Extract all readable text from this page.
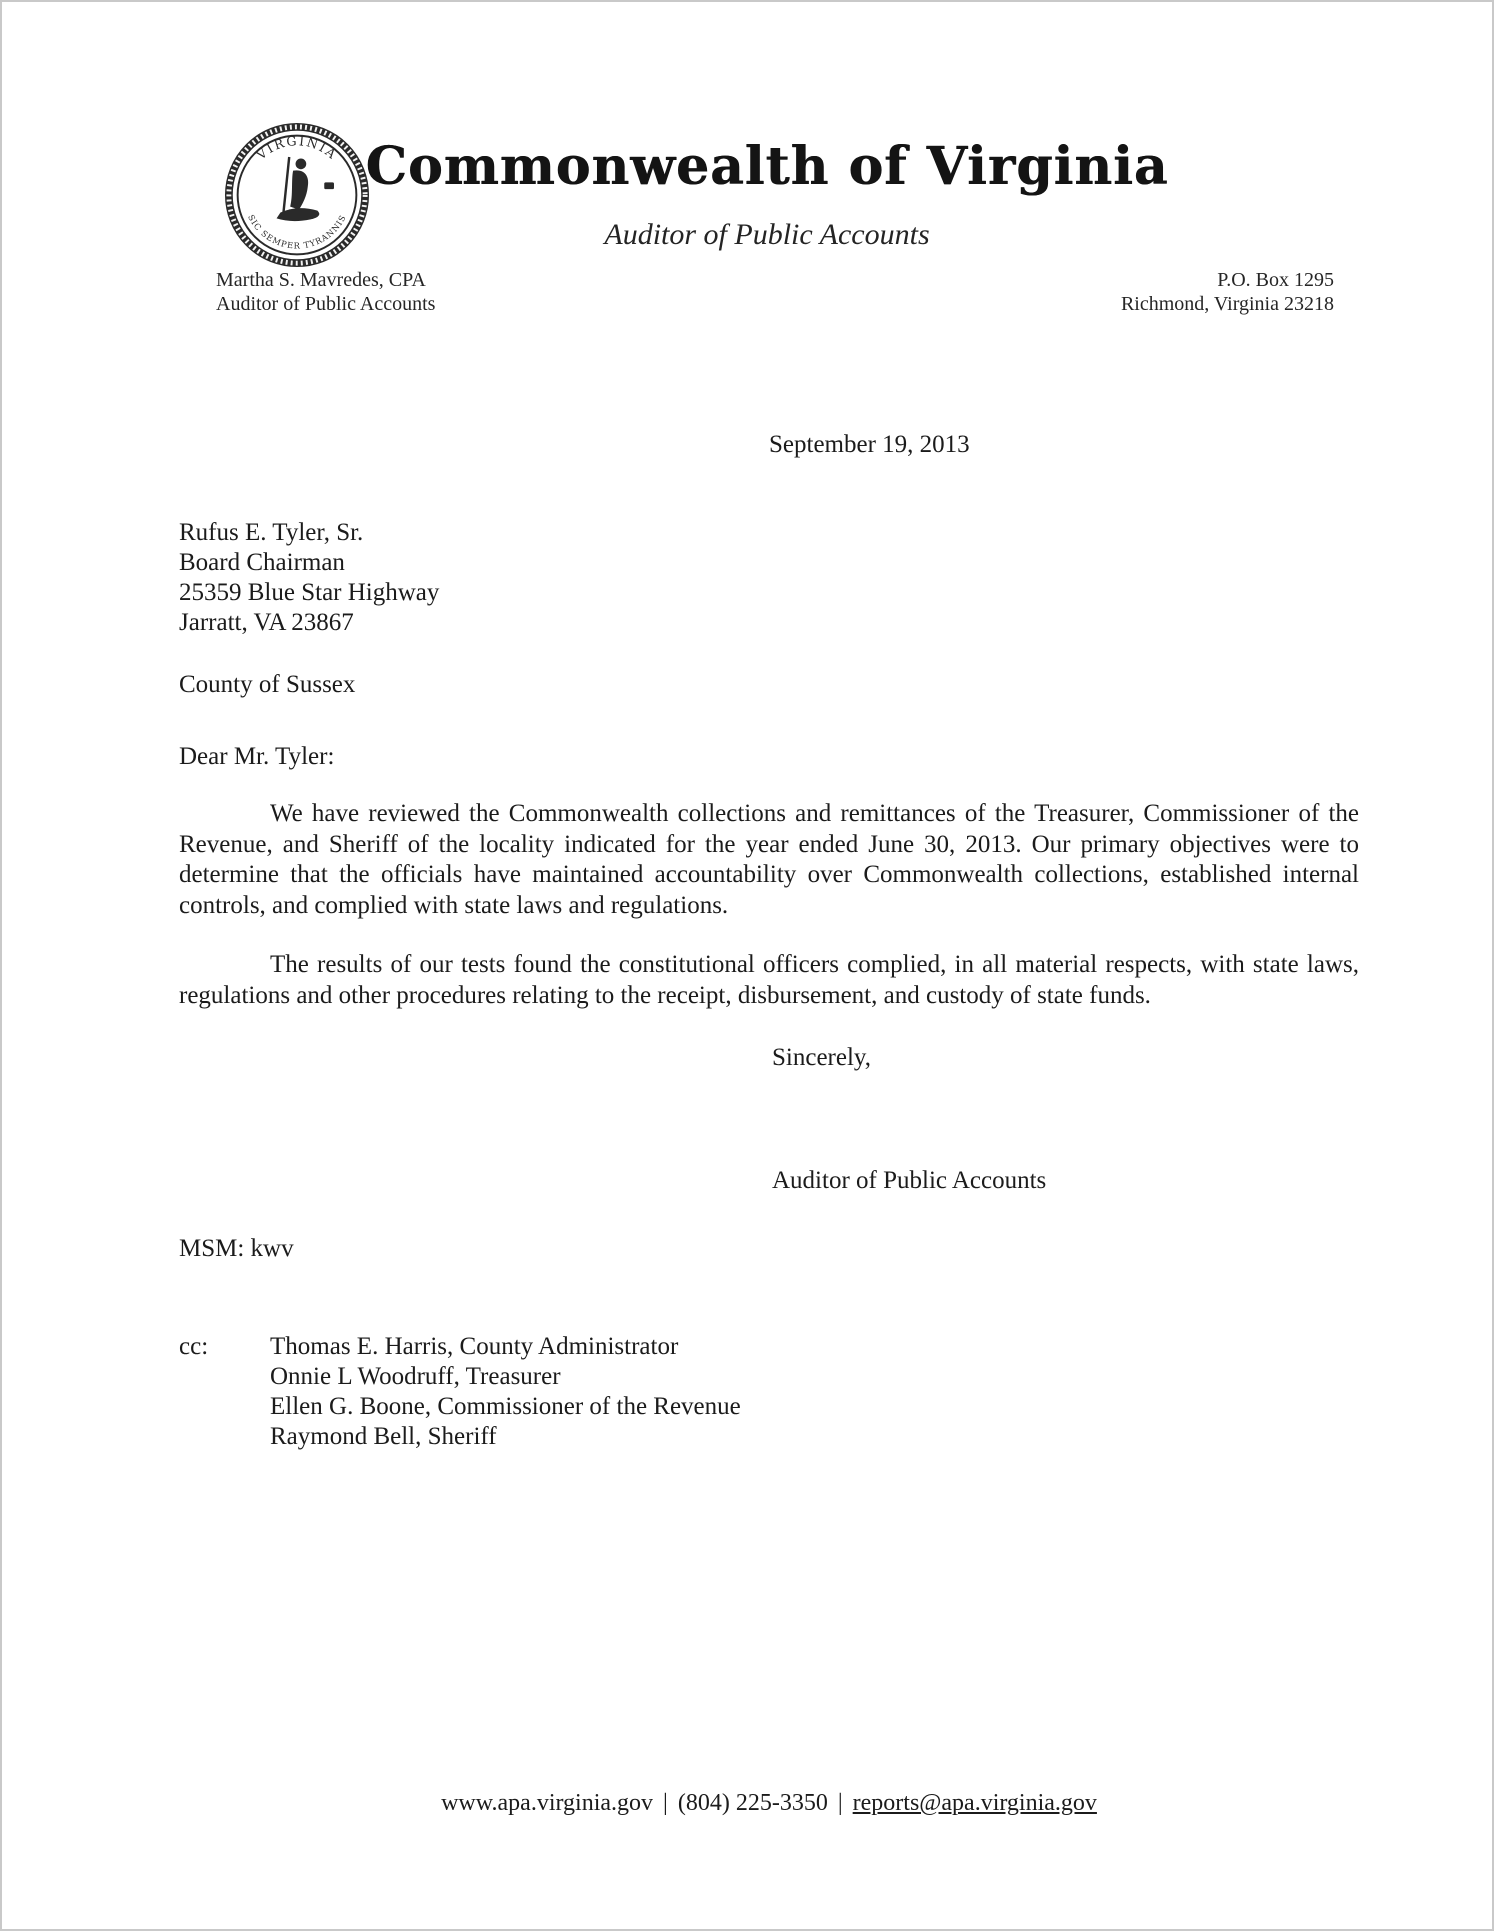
VIRGINIA
SIC SEMPER TYRANNIS
Commonwealth of Virginia
Auditor of Public Accounts
Martha S. Mavredes, CPA
Auditor of Public Accounts
P.O. Box 1295
Richmond, Virginia 23218
September 19, 2013
Rufus E. Tyler, Sr.
Board Chairman
25359 Blue Star Highway
Jarratt, VA 23867
County of Sussex
Dear Mr. Tyler:
We have reviewed the Commonwealth collections and remittances of the Treasurer, Commissioner of the Revenue, and Sheriff of the locality indicated for the year ended June 30, 2013. Our primary objectives were to determine that the officials have maintained accountability over Commonwealth collections, established internal controls, and complied with state laws and regulations.
The results of our tests found the constitutional officers complied, in all material respects, with state laws, regulations and other procedures relating to the receipt, disbursement, and custody of state funds.
Sincerely,
Auditor of Public Accounts
MSM: kwv
cc:	Thomas E. Harris, County Administrator
Onnie L Woodruff, Treasurer
Ellen G. Boone, Commissioner of the Revenue
Raymond Bell, Sheriff
www.apa.virginia.gov | (804) 225-3350 | reports@apa.virginia.gov
